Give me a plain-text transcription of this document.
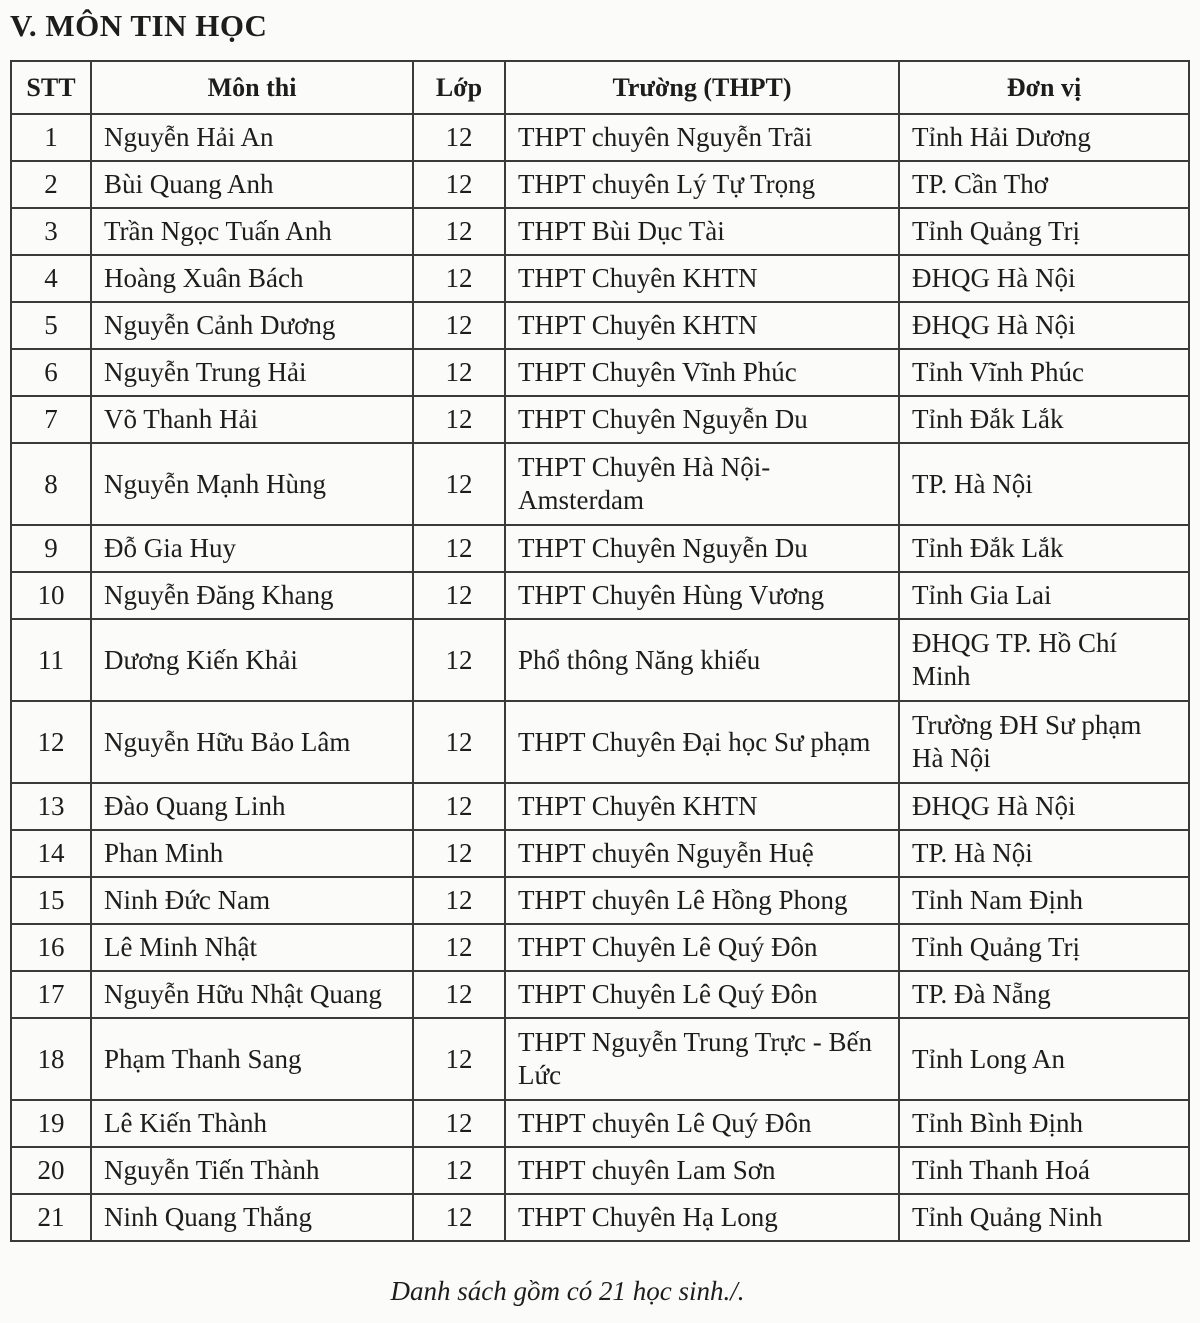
V. MÔN TIN HỌC
STT	Môn thi	Lớp	Trường (THPT)	Đơn vị
1	Nguyễn Hải An	12	THPT chuyên Nguyễn Trãi	Tỉnh Hải Dương
2	Bùi Quang Anh	12	THPT chuyên Lý Tự Trọng	TP. Cần Thơ
3	Trần Ngọc Tuấn Anh	12	THPT Bùi Dục Tài	Tỉnh Quảng Trị
4	Hoàng Xuân Bách	12	THPT Chuyên KHTN	ĐHQG Hà Nội
5	Nguyễn Cảnh Dương	12	THPT Chuyên KHTN	ĐHQG Hà Nội
6	Nguyễn Trung Hải	12	THPT Chuyên Vĩnh Phúc	Tỉnh Vĩnh Phúc
7	Võ Thanh Hải	12	THPT Chuyên Nguyễn Du	Tỉnh Đắk Lắk
8	Nguyễn Mạnh Hùng	12	THPT Chuyên Hà Nội-Amsterdam	TP. Hà Nội
9	Đỗ Gia Huy	12	THPT Chuyên Nguyễn Du	Tỉnh Đắk Lắk
10	Nguyễn Đăng Khang	12	THPT Chuyên Hùng Vương	Tỉnh Gia Lai
11	Dương Kiến Khải	12	Phổ thông Năng khiếu	ĐHQG TP. Hồ Chí Minh
12	Nguyễn Hữu Bảo Lâm	12	THPT Chuyên Đại học Sư phạm	Trường ĐH Sư phạm Hà Nội
13	Đào Quang Linh	12	THPT Chuyên KHTN	ĐHQG Hà Nội
14	Phan Minh	12	THPT chuyên Nguyễn Huệ	TP. Hà Nội
15	Ninh Đức Nam	12	THPT chuyên Lê Hồng Phong	Tỉnh Nam Định
16	Lê Minh Nhật	12	THPT Chuyên Lê Quý Đôn	Tỉnh Quảng Trị
17	Nguyễn Hữu Nhật Quang	12	THPT Chuyên Lê Quý Đôn	TP. Đà Nẵng
18	Phạm Thanh Sang	12	THPT Nguyễn Trung Trực - Bến Lức	Tỉnh Long An
19	Lê Kiến Thành	12	THPT chuyên Lê Quý Đôn	Tỉnh Bình Định
20	Nguyễn Tiến Thành	12	THPT chuyên Lam Sơn	Tỉnh Thanh Hoá
21	Ninh Quang Thắng	12	THPT Chuyên Hạ Long	Tỉnh Quảng Ninh

Danh sách gồm có 21 học sinh./.
